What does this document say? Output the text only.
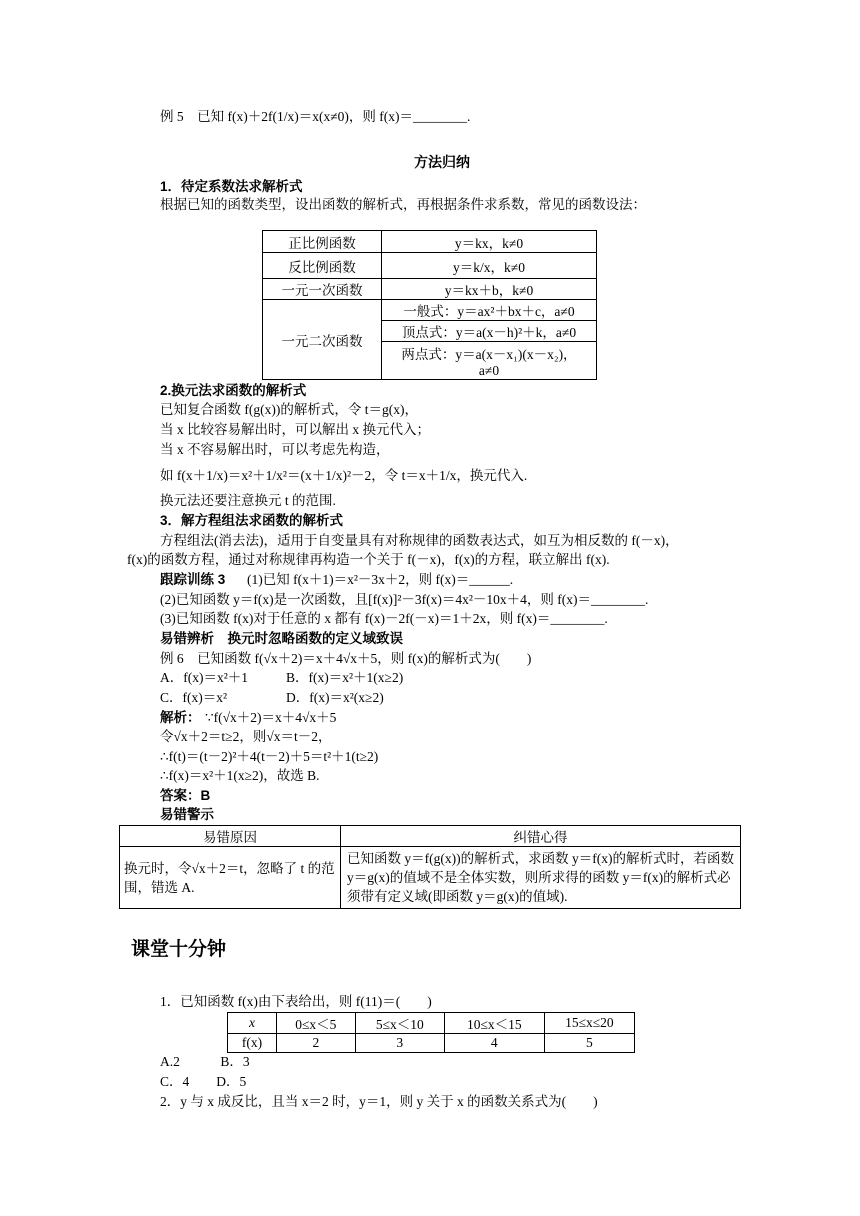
例 5　已知 f(x)＋2f(1/x)＝x(x≠0)，则 f(x)＝________.
方法归纳
1．待定系数法求解析式
根据已知的函数类型，设出函数的解析式，再根据条件求系数，常见的函数设法：
正比例函数	y＝kx，k≠0
反比例函数	y＝k/x，k≠0
一元一次函数	y＝kx＋b，k≠0
一元二次函数	一般式：y＝ax²＋bx＋c，a≠0
	顶点式：y＝a(x－h)²＋k，a≠0

	两点式：y＝a(x－x₁)(x－x₂)，
a≠0
2.换元法求函数的解析式
已知复合函数 f(g(x))的解析式，令 t＝g(x)，
当 x 比较容易解出时，可以解出 x 换元代入；
当 x 不容易解出时，可以考虑先构造，
如 f(x＋1/x)＝x²＋1/x²＝(x＋1/x)²－2，令 t＝x＋1/x，换元代入.
换元法还要注意换元 t 的范围.
3．解方程组法求函数的解析式
方程组法(消去法)，适用于自变量具有对称规律的函数表达式，如互为相反数的 f(－x)，
f(x)的函数方程，通过对称规律再构造一个关于 f(－x)，f(x)的方程，联立解出 f(x).
跟踪训练 3 (1)已知 f(x＋1)＝x²－3x＋2，则 f(x)＝______.
(2)已知函数 y＝f(x)是一次函数，且[f(x)]²－3f(x)＝4x²－10x＋4，则 f(x)＝________.
(3)已知函数 f(x)对于任意的 x 都有 f(x)－2f(－x)＝1＋2x，则 f(x)＝________.
易错辨析　换元时忽略函数的定义域致误
例 6　已知函数 f(√x＋2)＝x＋4√x＋5，则 f(x)的解析式为(　　)
A．f(x)＝x²＋1	B．f(x)＝x²＋1(x≥2)
C．f(x)＝x²	D．f(x)＝x²(x≥2)
解析： ∵f(√x＋2)＝x＋4√x＋5
令√x＋2＝t≥2，则√x＝t－2，
∴f(t)＝(t－2)²＋4(t－2)＋5＝t²＋1(t≥2)
∴f(x)＝x²＋1(x≥2)，故选 B.
答案：B
易错警示
易错原因	纠错心得
换元时，令√x＋2＝t，忽略了 t 的范围，错选 A.	已知函数 y＝f(g(x))的解析式，求函数 y＝f(x)的解析式时，若函数 y＝g(x)的值域不是全体实数，则所求得的函数 y＝f(x)的解析式必须带有定义域(即函数 y＝g(x)的值域).
课堂十分钟
1．已知函数 f(x)由下表给出，则 f(11)＝(　　)
x	0≤x＜5	5≤x＜10	10≤x＜15	15≤x≤20
f(x)	2	3	4	5
A.2　　　B．3
C．4　　D．5
2．y 与 x 成反比，且当 x＝2 时，y＝1，则 y 关于 x 的函数关系式为(　　)
